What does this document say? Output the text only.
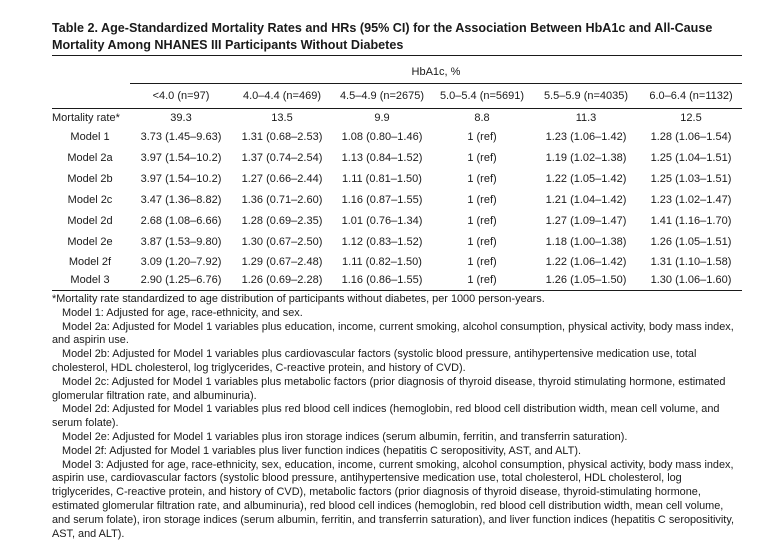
Table 2. Age-Standardized Mortality Rates and HRs (95% CI) for the Association Between HbA1c and All-Cause Mortality Among NHANES III Participants Without Diabetes
HbA1c, %
<4.0 (n=97)	4.0–4.4 (n=469)	4.5–4.9 (n=2675)	5.0–5.4 (n=5691)	5.5–5.9 (n=4035)	6.0–6.4 (n=1132)
Mortality rate*	39.3	13.5	9.9	8.8	11.3	12.5
Model 1	3.73 (1.45–9.63)	1.31 (0.68–2.53)	1.08 (0.80–1.46)	1 (ref)	1.23 (1.06–1.42)	1.28 (1.06–1.54)
Model 2a	3.97 (1.54–10.2)	1.37 (0.74–2.54)	1.13 (0.84–1.52)	1 (ref)	1.19 (1.02–1.38)	1.25 (1.04–1.51)
Model 2b	3.97 (1.54–10.2)	1.27 (0.66–2.44)	1.11 (0.81–1.50)	1 (ref)	1.22 (1.05–1.42)	1.25 (1.03–1.51)
Model 2c	3.47 (1.36–8.82)	1.36 (0.71–2.60)	1.16 (0.87–1.55)	1 (ref)	1.21 (1.04–1.42)	1.23 (1.02–1.47)
Model 2d	2.68 (1.08–6.66)	1.28 (0.69–2.35)	1.01 (0.76–1.34)	1 (ref)	1.27 (1.09–1.47)	1.41 (1.16–1.70)
Model 2e	3.87 (1.53–9.80)	1.30 (0.67–2.50)	1.12 (0.83–1.52)	1 (ref)	1.18 (1.00–1.38)	1.26 (1.05–1.51)
Model 2f	3.09 (1.20–7.92)	1.29 (0.67–2.48)	1.11 (0.82–1.50)	1 (ref)	1.22 (1.06–1.42)	1.31 (1.10–1.58)
Model 3	2.90 (1.25–6.76)	1.26 (0.69–2.28)	1.16 (0.86–1.55)	1 (ref)	1.26 (1.05–1.50)	1.30 (1.06–1.60)

*Mortality rate standardized to age distribution of participants without diabetes, per 1000 person-years.

Model 1: Adjusted for age, race-ethnicity, and sex.

Model 2a: Adjusted for Model 1 variables plus education, income, current smoking, alcohol consumption, physical activity, body mass index, and aspirin use.

Model 2b: Adjusted for Model 1 variables plus cardiovascular factors (systolic blood pressure, antihypertensive medication use, total cholesterol, HDL cholesterol, log triglycerides, C-reactive protein, and history of CVD).

Model 2c: Adjusted for Model 1 variables plus metabolic factors (prior diagnosis of thyroid disease, thyroid stimulating hormone, estimated glomerular filtration rate, and albuminuria).

Model 2d: Adjusted for Model 1 variables plus red blood cell indices (hemoglobin, red blood cell distribution width, mean cell volume, and serum folate).

Model 2e: Adjusted for Model 1 variables plus iron storage indices (serum albumin, ferritin, and transferrin saturation).

Model 2f: Adjusted for Model 1 variables plus liver function indices (hepatitis C seropositivity, AST, and ALT).

Model 3: Adjusted for age, race-ethnicity, sex, education, income, current smoking, alcohol consumption, physical activity, body mass index, aspirin use, cardiovascular factors (systolic blood pressure, antihypertensive medication use, total cholesterol, HDL cholesterol, log triglycerides, C-reactive protein, and history of CVD), metabolic factors (prior diagnosis of thyroid disease, thyroid-stimulating hormone, estimated glomerular filtration rate, and albuminuria), red blood cell indices (hemoglobin, red blood cell distribution width, mean cell volume, and serum folate), iron storage indices (serum albumin, ferritin, and transferrin saturation), and liver function indices (hepatitis C seropositivity, AST, and ALT).
